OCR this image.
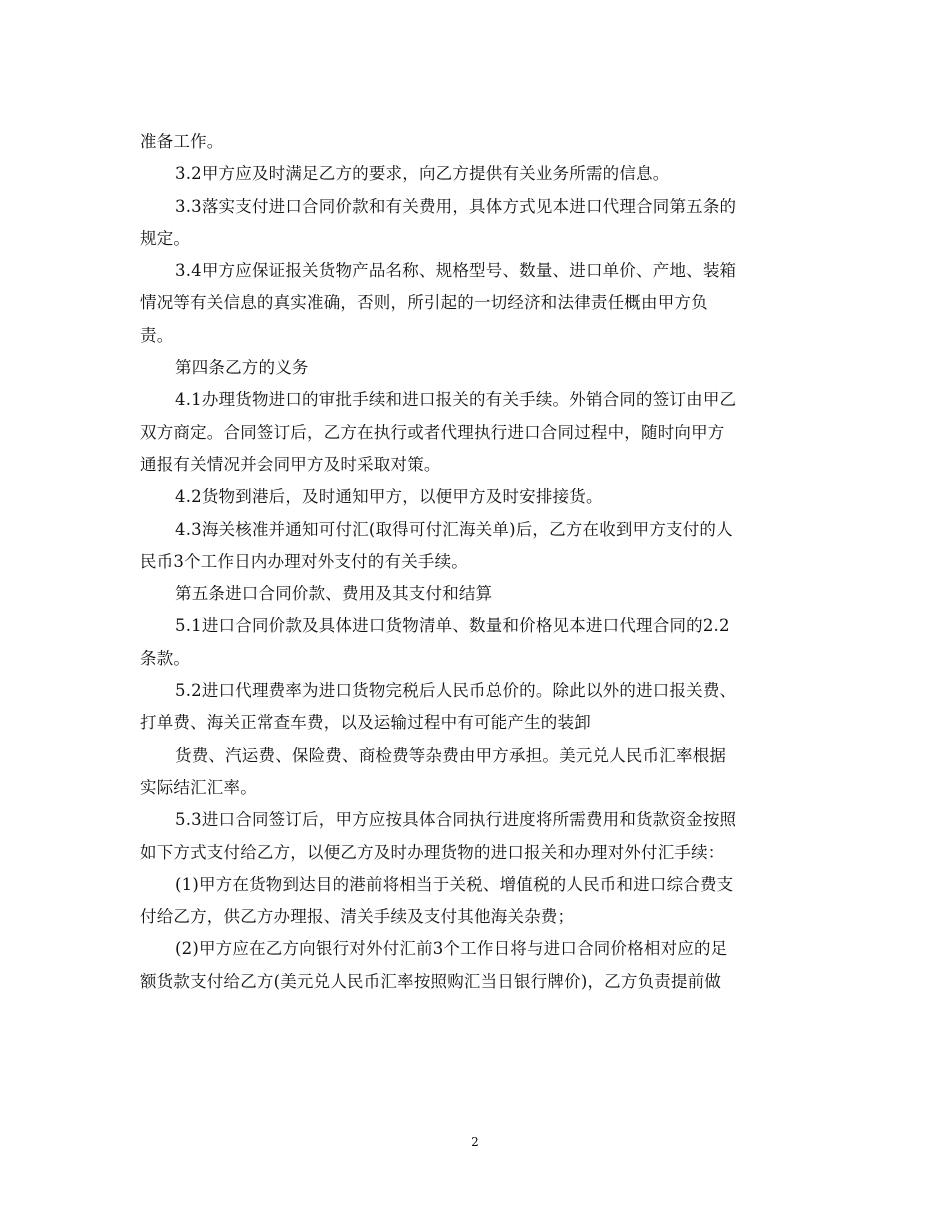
准备工作。
3.2甲方应及时满足乙方的要求，向乙方提供有关业务所需的信息。
3.3落实支付进口合同价款和有关费用，具体方式见本进口代理合同第五条的
规定。
3.4甲方应保证报关货物产品名称、规格型号、数量、进口单价、产地、装箱
情况等有关信息的真实准确，否则，所引起的一切经济和法律责任概由甲方负
责。
第四条乙方的义务
4.1办理货物进口的审批手续和进口报关的有关手续。外销合同的签订由甲乙
双方商定。合同签订后，乙方在执行或者代理执行进口合同过程中，随时向甲方
通报有关情况并会同甲方及时采取对策。
4.2货物到港后，及时通知甲方，以便甲方及时安排接货。
4.3海关核准并通知可付汇(取得可付汇海关单)后，乙方在收到甲方支付的人
民币3个工作日内办理对外支付的有关手续。
第五条进口合同价款、费用及其支付和结算
5.1进口合同价款及具体进口货物清单、数量和价格见本进口代理合同的2.2
条款。
5.2进口代理费率为进口货物完税后人民币总价的。除此以外的进口报关费、
打单费、海关正常查车费，以及运输过程中有可能产生的装卸
货费、汽运费、保险费、商检费等杂费由甲方承担。美元兑人民币汇率根据
实际结汇汇率。
5.3进口合同签订后，甲方应按具体合同执行进度将所需费用和货款资金按照
如下方式支付给乙方，以便乙方及时办理货物的进口报关和办理对外付汇手续：
(1)甲方在货物到达目的港前将相当于关税、增值税的人民币和进口综合费支
付给乙方，供乙方办理报、清关手续及支付其他海关杂费；
(2)甲方应在乙方向银行对外付汇前3个工作日将与进口合同价格相对应的足
额货款支付给乙方(美元兑人民币汇率按照购汇当日银行牌价)，乙方负责提前做
2
